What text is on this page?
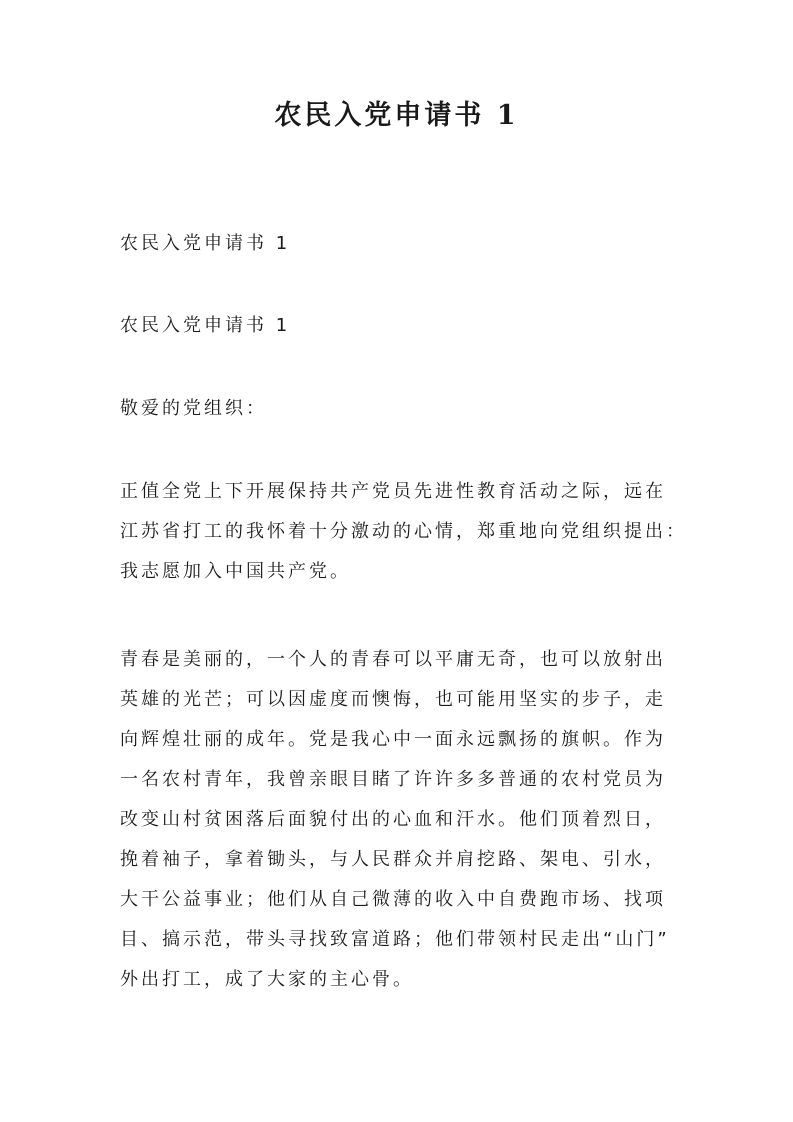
农民入党申请书 1

农民入党申请书 1

农民入党申请书 1

敬爱的党组织：

正值全党上下开展保持共产党员先进性教育活动之际，远在
江苏省打工的我怀着十分激动的心情，郑重地向党组织提出：
我志愿加入中国共产党。
青春是美丽的，一个人的青春可以平庸无奇，也可以放射出
英雄的光芒；可以因虚度而懊悔，也可能用坚实的步子，走
向辉煌壮丽的成年。党是我心中一面永远飘扬的旗帜。作为
一名农村青年，我曾亲眼目睹了许许多多普通的农村党员为
改变山村贫困落后面貌付出的心血和汗水。他们顶着烈日，
挽着袖子，拿着锄头，与人民群众并肩挖路、架电、引水，
大干公益事业；他们从自己微薄的收入中自费跑市场、找项
目、搞示范，带头寻找致富道路；他们带领村民走出“山门”
外出打工，成了大家的主心骨。
